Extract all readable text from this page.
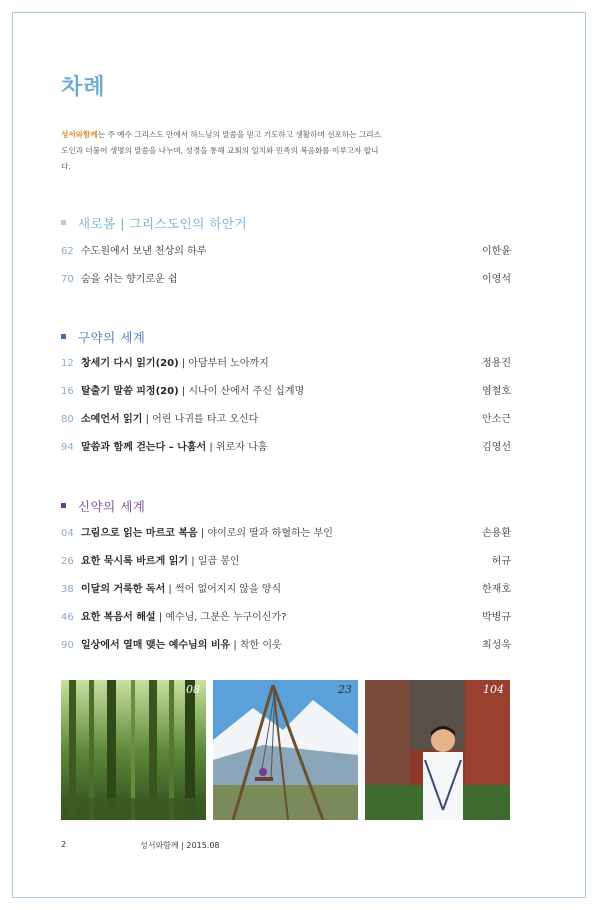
차례
성서와함께는 주 예수 그리스도 안에서 하느님의 말씀을 믿고 기도하고 생활하며 선포하는 그리스도인과 더불어 생명의 말씀을 나누며, 성경을 통해 교회의 일치와 민족의 복음화를 이루고자 합니다.
새로봄 | 그리스도인의 하안거
62 수도원에서 보낸 천상의 하루	이한윤
70 숨을 쉬는 향기로운 쉼	이영석
구약의 세계
12 창세기 다시 읽기(20) | 아담부터 노아까지	정용진
16 탈출기 말씀 피정(20) | 시나이 산에서 주신 십계명	염철호
80 소예언서 읽기 | 어린 나귀를 타고 오신다	안소근
94 말씀과 함께 걷는다 – 나훔서 | 위로자 나훔	김영선
신약의 세계
04 그림으로 읽는 마르코 복음 | 야이로의 딸과 하혈하는 부인	손용환
26 요한 묵시록 바르게 읽기 | 일곱 봉인	허규
38 이달의 거룩한 독서 | 썩어 없어지지 않을 양식	한재호
46 요한 복음서 해설 | 예수님, 그분은 누구이신가?	박병규
90 일상에서 열매 맺는 예수님의 비유 | 착한 이웃	최성욱
08	23	104
2	성서와함께 | 2015.08
